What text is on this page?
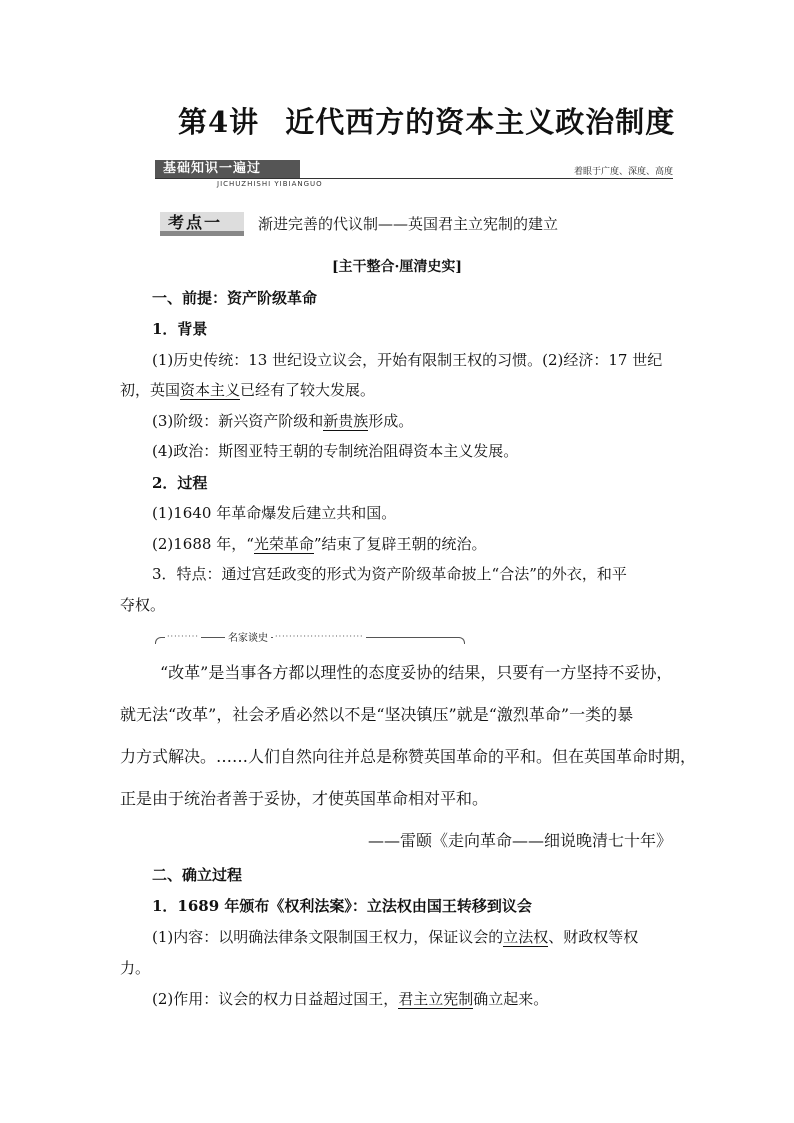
第4讲 近代西方的资本主义政治制度
基础知识一遍过
JICHUZHISHI YIBIANGUO
着眼于广度、深度、高度
考点一 渐进完善的代议制——英国君主立宪制的建立
[主干整合·厘清史实]
一、前提：资产阶级革命
1．背景
(1)历史传统：13 世纪设立议会，开始有限制王权的习惯。(2)经济：17 世纪
初，英国资本主义已经有了较大发展。
(3)阶级：新兴资产阶级和新贵族形成。
(4)政治：斯图亚特王朝的专制统治阻碍资本主义发展。
2．过程
(1)1640 年革命爆发后建立共和国。
(2)1688 年，“光荣革命”结束了复辟王朝的统治。
3．特点：通过宫廷政变的形式为资产阶级革命披上“合法”的外衣，和平
夺权。
·········	名家谈史 ·························
“改革”是当事各方都以理性的态度妥协的结果，只要有一方坚持不妥协，
就无法“改革”，社会矛盾必然以不是“坚决镇压”就是“激烈革命”一类的暴
力方式解决。……人们自然向往并总是称赞英国革命的平和。但在英国革命时期，
正是由于统治者善于妥协，才使英国革命相对平和。
——雷颐《走向革命——细说晚清七十年》
二、确立过程
1．1689 年颁布《权利法案》：立法权由国王转移到议会
(1)内容：以明确法律条文限制国王权力，保证议会的立法权、财政权等权
力。
(2)作用：议会的权力日益超过国王，君主立宪制确立起来。
